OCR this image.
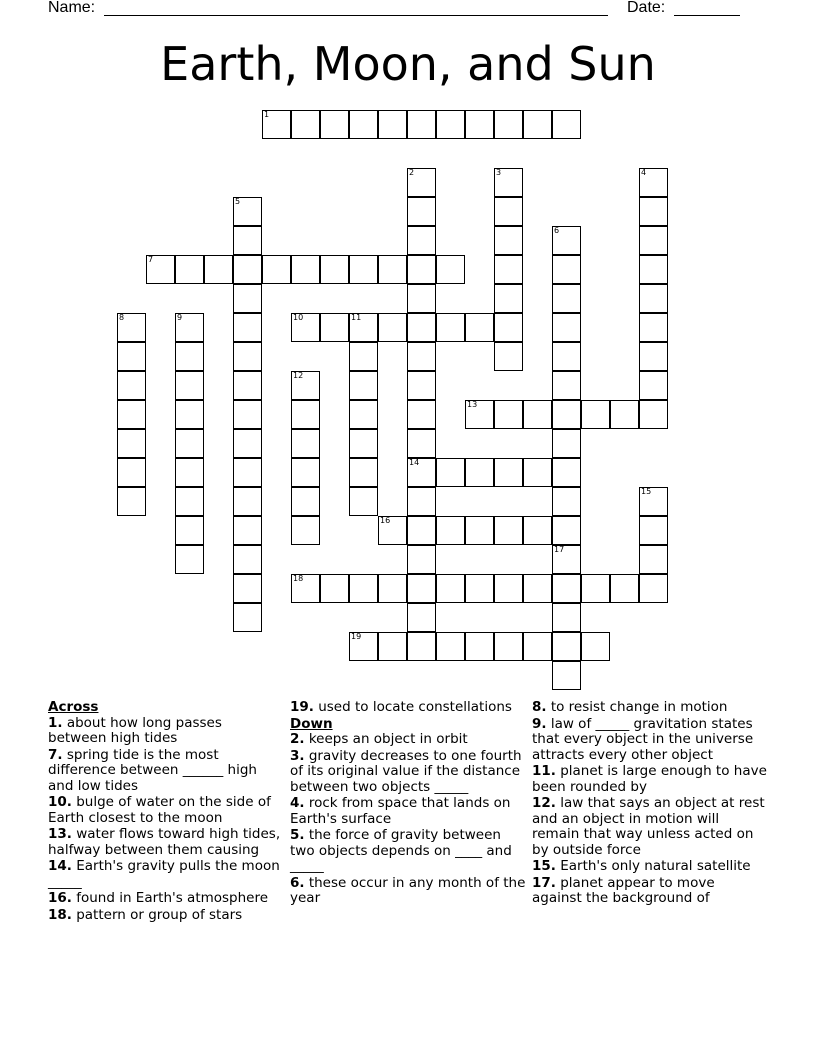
Name:	Date:
Earth, Moon, and Sun
1
2
14
3	4
5
6
17
7
8	9	10	11
12
13
15
16
18
19
Across
1. about how long passes between high tides
7. spring tide is the most difference between ______ high and low tides
10. bulge of water on the side of Earth closest to the moon
13. water flows toward high tides, halfway between them causing
14. Earth's gravity pulls the moon _____
16. found in Earth's atmosphere
18. pattern or group of stars
19. used to locate constellations
Down
2. keeps an object in orbit
3. gravity decreases to one fourth of its original value if the distance between two objects _____
4. rock from space that lands on Earth's surface
5. the force of gravity between two objects depends on ____ and _____
6. these occur in any month of the year
8. to resist change in motion
9. law of _____ gravitation states that every object in the universe attracts every other object
11. planet is large enough to have been rounded by
12. law that says an object at rest and an object in motion will remain that way unless acted on by outside force
15. Earth's only natural satellite
17. planet appear to move against the background of
